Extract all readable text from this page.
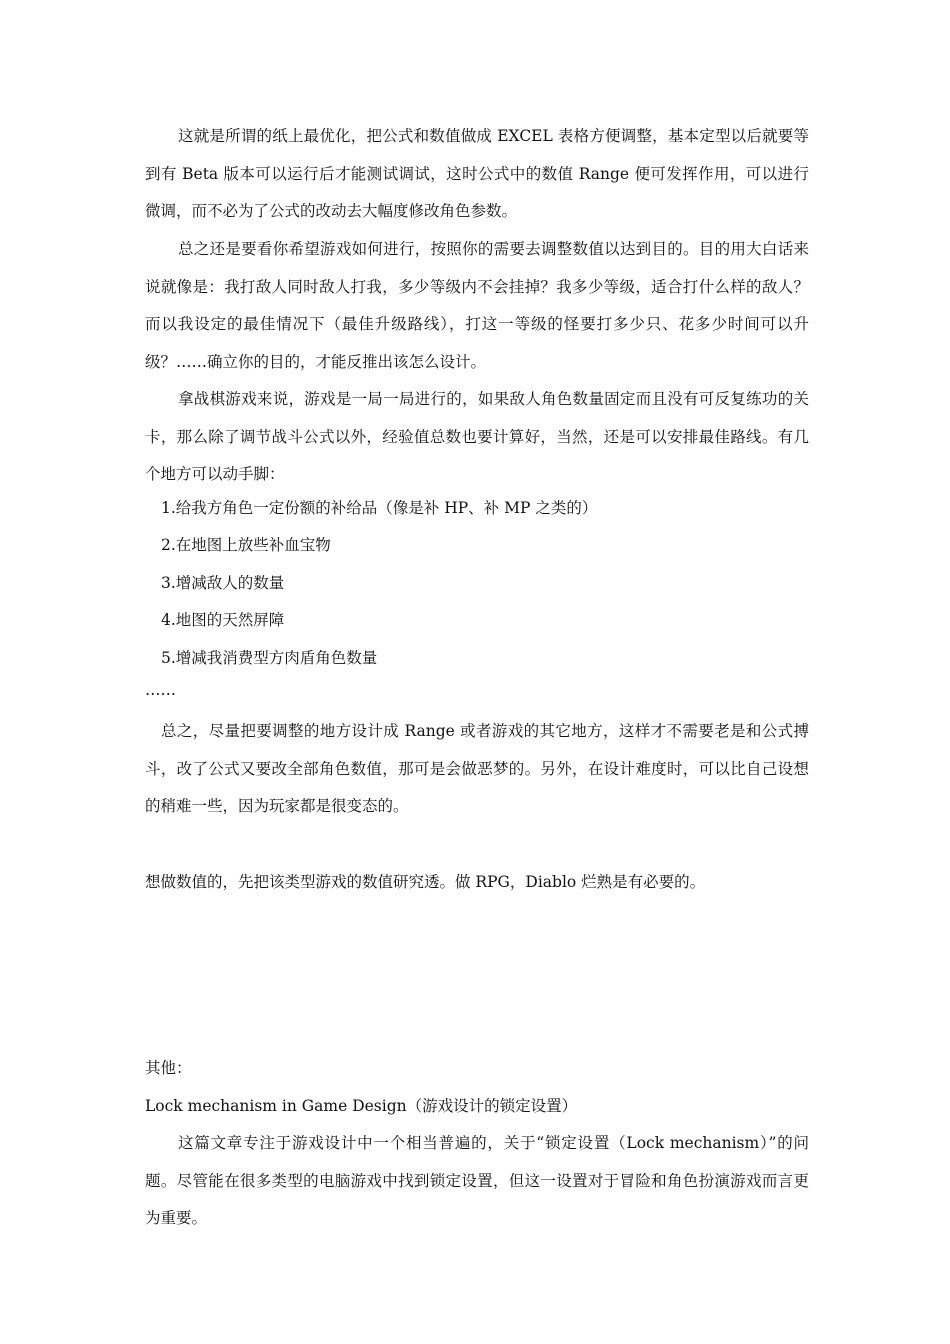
这就是所谓的纸上最优化，把公式和数值做成 EXCEL 表格方便调整，基本定型以后就要等到有 Beta 版本可以运行后才能测试调试，这时公式中的数值 Range 便可发挥作用，可以进行微调，而不必为了公式的改动去大幅度修改角色参数。

总之还是要看你希望游戏如何进行，按照你的需要去调整数值以达到目的。目的用大白话来说就像是：我打敌人同时敌人打我，多少等级内不会挂掉？我多少等级，适合打什么样的敌人？而以我设定的最佳情况下（最佳升级路线），打这一等级的怪要打多少只、花多少时间可以升级？……确立你的目的，才能反推出该怎么设计。

拿战棋游戏来说，游戏是一局一局进行的，如果敌人角色数量固定而且没有可反复练功的关卡，那么除了调节战斗公式以外，经验值总数也要计算好，当然，还是可以安排最佳路线。有几个地方可以动手脚：

1.给我方角色一定份额的补给品（像是补 HP、补 MP 之类的）

2.在地图上放些补血宝物

3.增减敌人的数量

4.地图的天然屏障

5.增减我消费型方肉盾角色数量

……

总之，尽量把要调整的地方设计成 Range 或者游戏的其它地方，这样才不需要老是和公式搏斗，改了公式又要改全部角色数值，那可是会做恶梦的。另外，在设计难度时，可以比自己设想的稍难一些，因为玩家都是很变态的。

想做数值的，先把该类型游戏的数值研究透。做 RPG，Diablo 烂熟是有必要的。

其他：

Lock mechanism in Game Design（游戏设计的锁定设置）

这篇文章专注于游戏设计中一个相当普遍的，关于“锁定设置（Lock mechanism）”的问题。尽管能在很多类型的电脑游戏中找到锁定设置，但这一设置对于冒险和角色扮演游戏而言更为重要。
